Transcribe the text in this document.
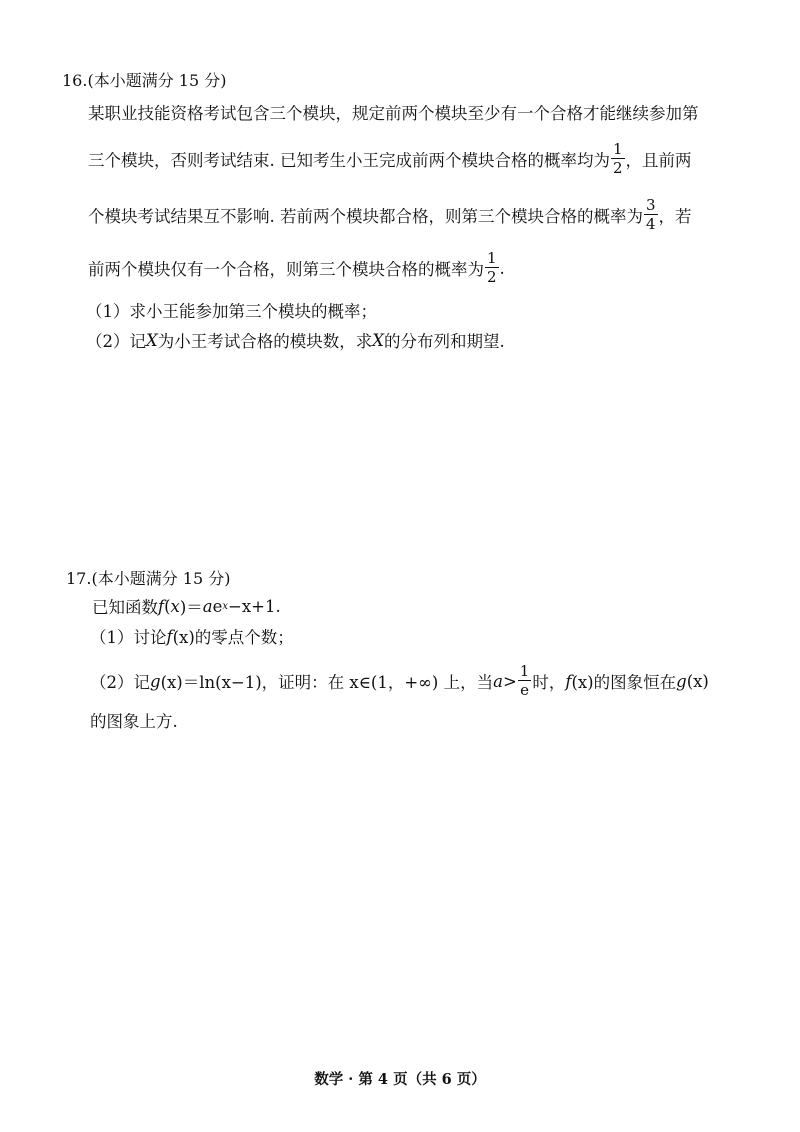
16.(本小题满分 15 分)
某职业技能资格考试包含三个模块，规定前两个模块至少有一个合格才能继续参加第
三个模块，否则考试结束. 已知考生小王完成前两个模块合格的概率均为 $\frac{1}{2}$ ，且前两
个模块考试结果互不影响. 若前两个模块都合格，则第三个模块合格的概率为 $\frac{3}{4}$ ，若
前两个模块仅有一个合格，则第三个模块合格的概率为 $\frac{1}{2}$ .
（1）求小王能参加第三个模块的概率；
（2）记 X 为小王考试合格的模块数，求 X 的分布列和期望.
17.(本小题满分 15 分)
已知函数 f ( x )＝ a e x −x+1.
（1）讨论 f (x)的零点个数；
（2）记 g (x)＝ln(x−1)，证明：在 x∈(1，+∞) 上，当 $a > \frac{1}{e}$ 时， f (x)的图象恒在 g (x)
的图象上方.
数学 · 第 4 页（共 6 页）
